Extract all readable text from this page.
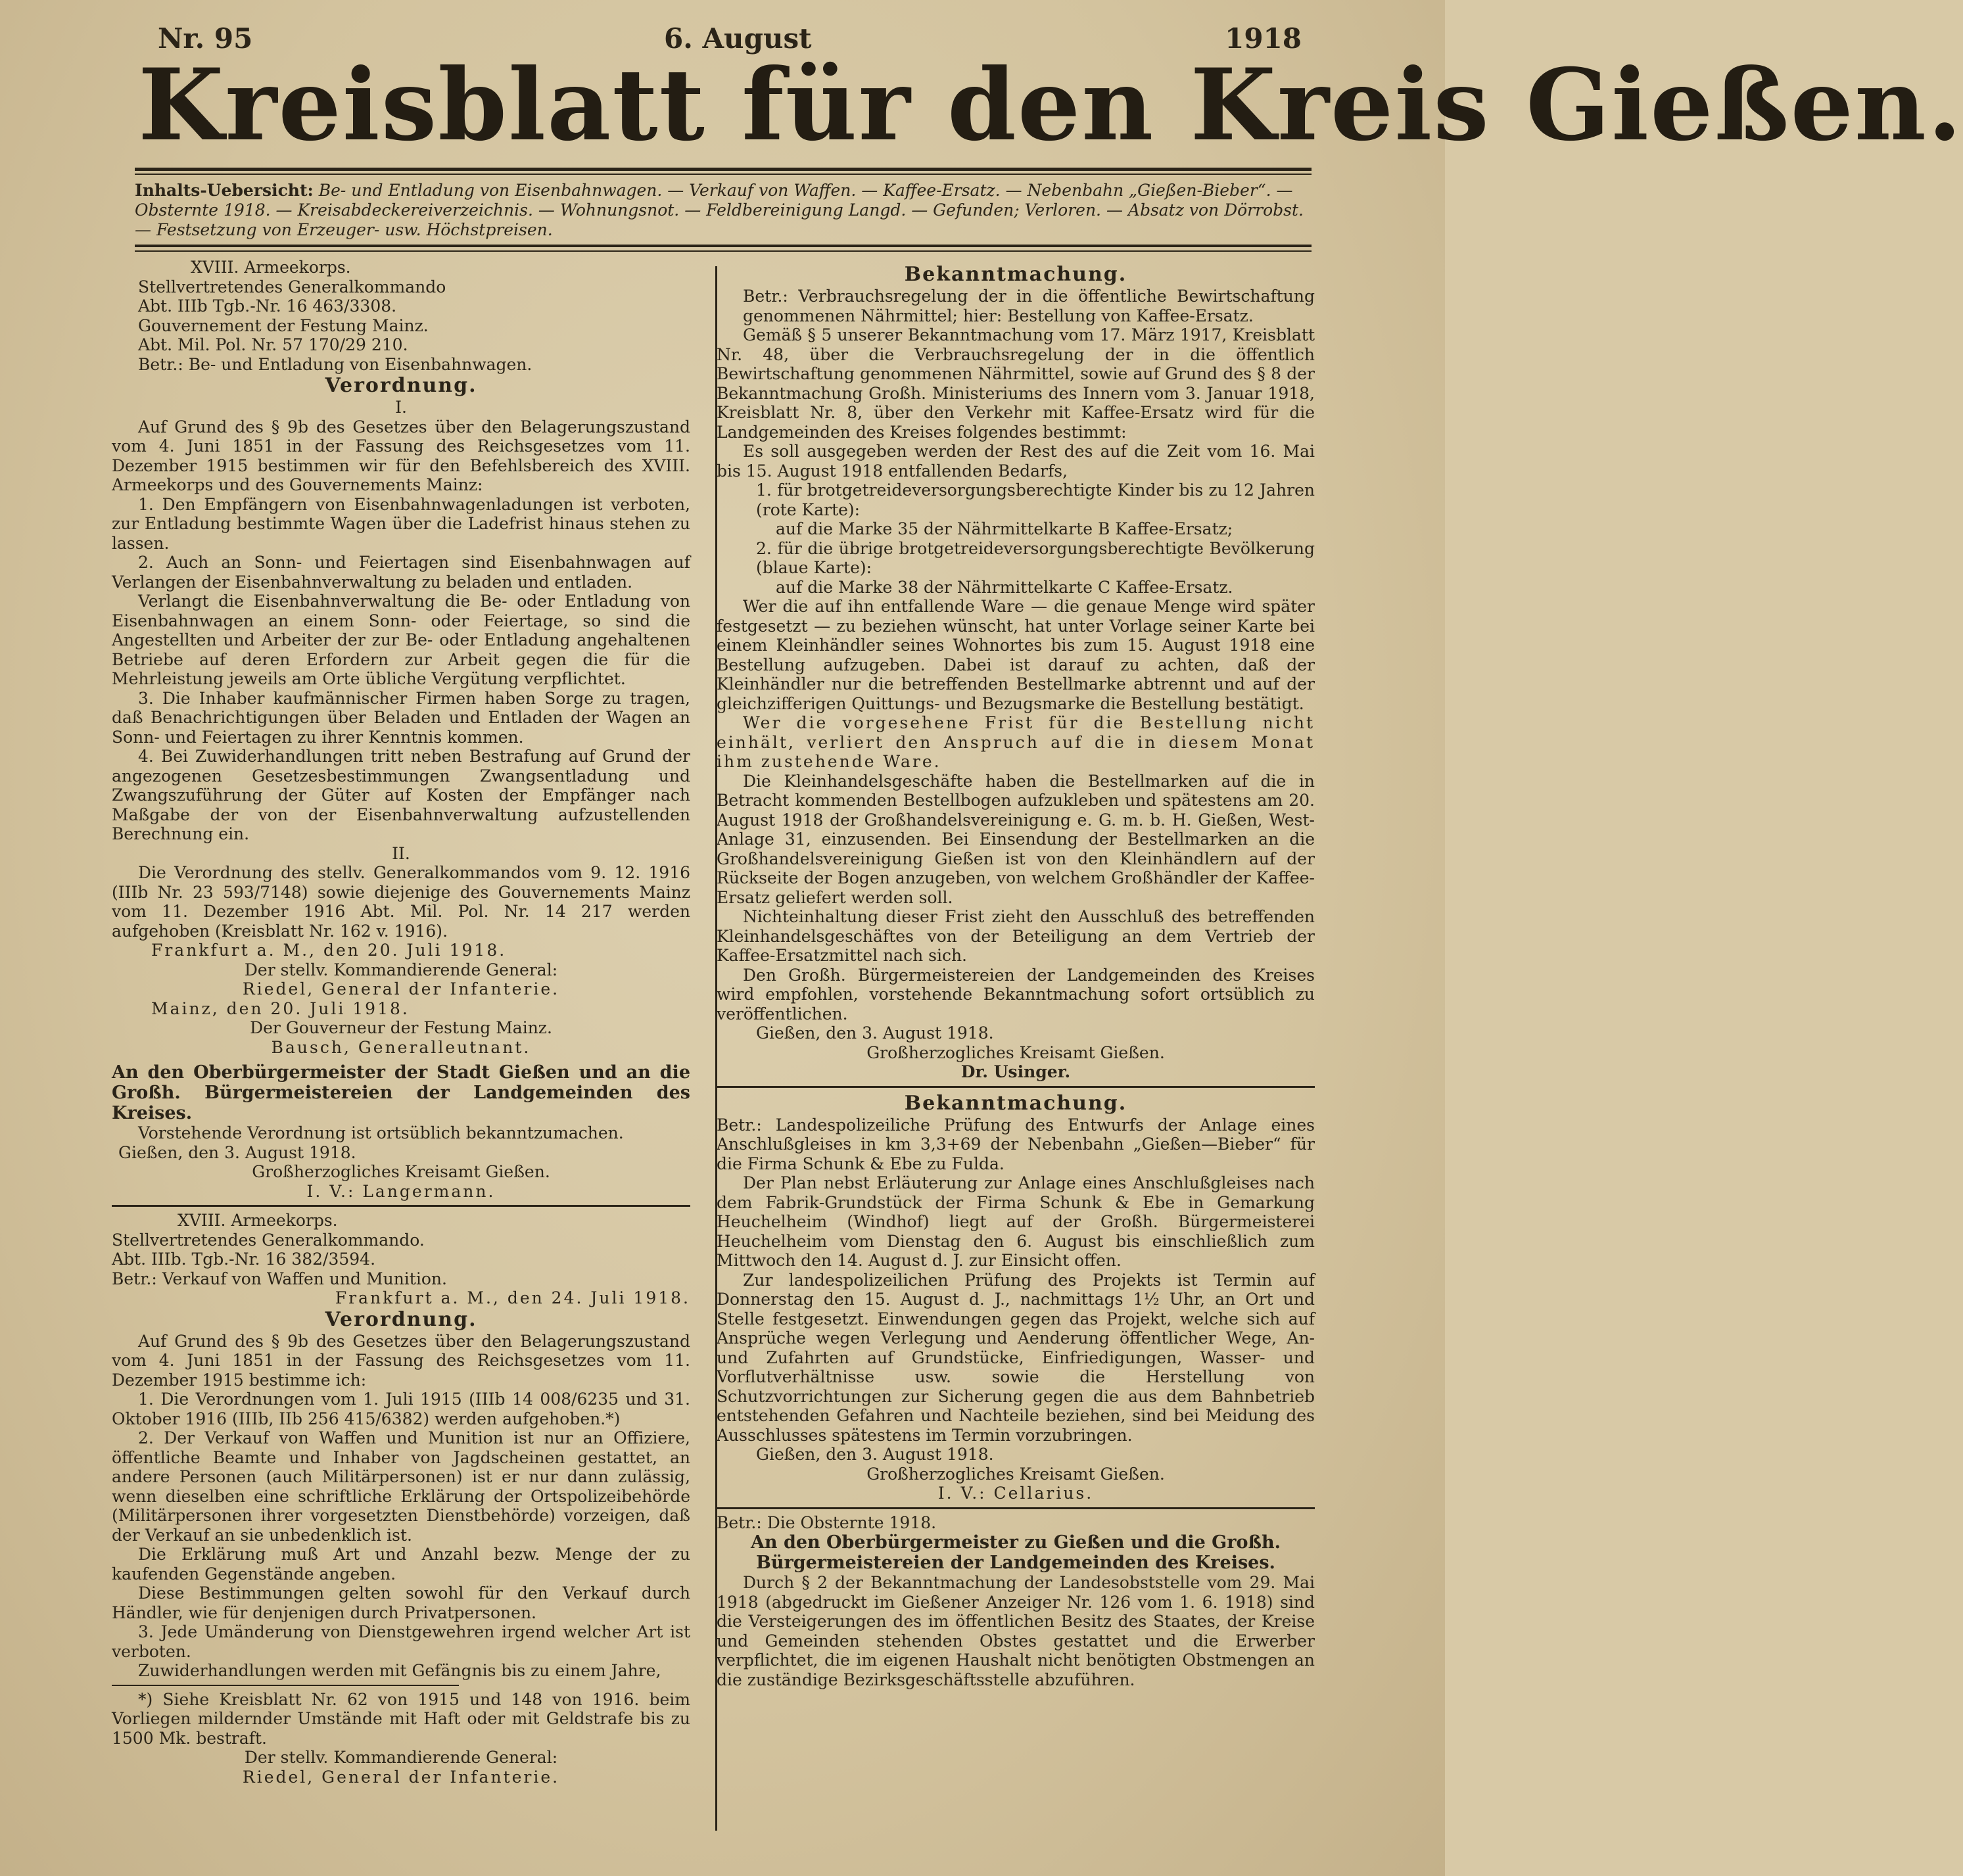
Nr. 95	6. August	1918
Kreisblatt für den Kreis Gießen.
Inhalts-Uebersicht: Be- und Entladung von Eisenbahnwagen. — Verkauf von Waffen. — Kaffee-Ersatz. — Nebenbahn „Gießen-Bieber“. — Obsternte 1918. — Kreisabdeckereiverzeichnis. — Wohnungsnot. — Feldbereinigung Langd. — Gefunden; Verloren. — Absatz von Dörrobst. — Festsetzung von Erzeuger- usw. Höchstpreisen.

XVIII. Armeekorps.

Stellvertretendes Generalkommando

Abt. IIIb Tgb.-Nr. 16 463/3308.

Gouvernement der Festung Mainz.

Abt. Mil. Pol. Nr. 57 170/29 210.

Betr.: Be- und Entladung von Eisenbahnwagen.

Verordnung.

I.

Auf Grund des § 9b des Gesetzes über den Belagerungszustand vom 4. Juni 1851 in der Fassung des Reichsgesetzes vom 11. Dezember 1915 bestimmen wir für den Befehlsbereich des XVIII. Armeekorps und des Gouvernements Mainz:

1. Den Empfängern von Eisenbahnwagenladungen ist verboten, zur Entladung bestimmte Wagen über die Ladefrist hinaus stehen zu lassen.

2. Auch an Sonn- und Feiertagen sind Eisenbahnwagen auf Verlangen der Eisenbahnverwaltung zu beladen und entladen.

Verlangt die Eisenbahnverwaltung die Be- oder Entladung von Eisenbahnwagen an einem Sonn- oder Feiertage, so sind die Angestellten und Arbeiter der zur Be- oder Entladung angehaltenen Betriebe auf deren Erfordern zur Arbeit gegen die für die Mehrleistung jeweils am Orte übliche Vergütung verpflichtet.

3. Die Inhaber kaufmännischer Firmen haben Sorge zu tragen, daß Benachrichtigungen über Beladen und Entladen der Wagen an Sonn- und Feiertagen zu ihrer Kenntnis kommen.

4. Bei Zuwiderhandlungen tritt neben Bestrafung auf Grund der angezogenen Gesetzesbestimmungen Zwangsentladung und Zwangszuführung der Güter auf Kosten der Empfänger nach Maßgabe der von der Eisenbahnverwaltung aufzustellenden Berechnung ein.

II.

Die Verordnung des stellv. Generalkommandos vom 9. 12. 1916 (IIIb Nr. 23 593/7148) sowie diejenige des Gouvernements Mainz vom 11. Dezember 1916 Abt. Mil. Pol. Nr. 14 217 werden aufgehoben (Kreisblatt Nr. 162 v. 1916).

Frankfurt a. M., den 20. Juli 1918.

Der stellv. Kommandierende General:

Riedel, General der Infanterie.

Mainz, den 20. Juli 1918.

Der Gouverneur der Festung Mainz.

Bausch, Generalleutnant.

An den Oberbürgermeister der Stadt Gießen und an die Großh. Bürgermeistereien der Landgemeinden des Kreises.

Vorstehende Verordnung ist ortsüblich bekanntzumachen.

Gießen, den 3. August 1918.

Großherzogliches Kreisamt Gießen.

I. V.: Langermann.

XVIII. Armeekorps.

Stellvertretendes Generalkommando.

Abt. IIIb. Tgb.-Nr. 16 382/3594.

Betr.: Verkauf von Waffen und Munition.

Frankfurt a. M., den 24. Juli 1918.

Verordnung.

Auf Grund des § 9b des Gesetzes über den Belagerungszustand vom 4. Juni 1851 in der Fassung des Reichsgesetzes vom 11. Dezember 1915 bestimme ich:

1. Die Verordnungen vom 1. Juli 1915 (IIIb 14 008/6235 und 31. Oktober 1916 (IIIb, IIb 256 415/6382) werden aufgehoben.*)

2. Der Verkauf von Waffen und Munition ist nur an Offiziere, öffentliche Beamte und Inhaber von Jagdscheinen gestattet, an andere Personen (auch Militärpersonen) ist er nur dann zulässig, wenn dieselben eine schriftliche Erklärung der Ortspolizeibehörde (Militärpersonen ihrer vorgesetzten Dienstbehörde) vorzeigen, daß der Verkauf an sie unbedenklich ist.

Die Erklärung muß Art und Anzahl bezw. Menge der zu kaufenden Gegenstände angeben.

Diese Bestimmungen gelten sowohl für den Verkauf durch Händler, wie für denjenigen durch Privatpersonen.

3. Jede Umänderung von Dienstgewehren irgend welcher Art ist verboten.

Zuwiderhandlungen werden mit Gefängnis bis zu einem Jahre,

*) Siehe Kreisblatt Nr. 62 von 1915 und 148 von 1916. beim Vorliegen mildernder Umstände mit Haft oder mit Geldstrafe bis zu 1500 Mk. bestraft.

Der stellv. Kommandierende General:

Riedel, General der Infanterie.

Bekanntmachung.

Betr.: Verbrauchsregelung der in die öffentliche Bewirtschaftung genommenen Nährmittel; hier: Bestellung von Kaffee-Ersatz.

Gemäß § 5 unserer Bekanntmachung vom 17. März 1917, Kreisblatt Nr. 48, über die Verbrauchsregelung der in die öffentlich Bewirtschaftung genommenen Nährmittel, sowie auf Grund des § 8 der Bekanntmachung Großh. Ministeriums des Innern vom 3. Januar 1918, Kreisblatt Nr. 8, über den Verkehr mit Kaffee-Ersatz wird für die Landgemeinden des Kreises folgendes bestimmt:

Es soll ausgegeben werden der Rest des auf die Zeit vom 16. Mai bis 15. August 1918 entfallenden Bedarfs,

1. für brotgetreideversorgungsberechtigte Kinder bis zu 12 Jahren (rote Karte):

auf die Marke 35 der Nährmittelkarte B Kaffee-Ersatz;

2. für die übrige brotgetreideversorgungsberechtigte Bevölkerung (blaue Karte):

auf die Marke 38 der Nährmittelkarte C Kaffee-Ersatz.

Wer die auf ihn entfallende Ware — die genaue Menge wird später festgesetzt — zu beziehen wünscht, hat unter Vorlage seiner Karte bei einem Kleinhändler seines Wohnortes bis zum 15. August 1918 eine Bestellung aufzugeben. Dabei ist darauf zu achten, daß der Kleinhändler nur die betreffenden Bestellmarke abtrennt und auf der gleichzifferigen Quittungs- und Bezugsmarke die Bestellung bestätigt.

Wer die vorgesehene Frist für die Bestellung nicht einhält, verliert den Anspruch auf die in diesem Monat ihm zustehende Ware.

Die Kleinhandelsgeschäfte haben die Bestellmarken auf die in Betracht kommenden Bestellbogen aufzukleben und spätestens am 20. August 1918 der Großhandelsvereinigung e. G. m. b. H. Gießen, West-Anlage 31, einzusenden. Bei Einsendung der Bestellmarken an die Großhandelsvereinigung Gießen ist von den Kleinhändlern auf der Rückseite der Bogen anzugeben, von welchem Großhändler der Kaffee-Ersatz geliefert werden soll.

Nichteinhaltung dieser Frist zieht den Ausschluß des betreffenden Kleinhandelsgeschäftes von der Beteiligung an dem Vertrieb der Kaffee-Ersatzmittel nach sich.

Den Großh. Bürgermeistereien der Landgemeinden des Kreises wird empfohlen, vorstehende Bekanntmachung sofort ortsüblich zu veröffentlichen.

Gießen, den 3. August 1918.

Großherzogliches Kreisamt Gießen.

Dr. Usinger.

Bekanntmachung.

Betr.: Landespolizeiliche Prüfung des Entwurfs der Anlage eines Anschlußgleises in km 3,3+69 der Nebenbahn „Gießen—Bieber“ für die Firma Schunk & Ebe zu Fulda.

Der Plan nebst Erläuterung zur Anlage eines Anschlußgleises nach dem Fabrik-Grundstück der Firma Schunk & Ebe in Gemarkung Heuchelheim (Windhof) liegt auf der Großh. Bürgermeisterei Heuchelheim vom Dienstag den 6. August bis einschließlich zum Mittwoch den 14. August d. J. zur Einsicht offen.

Zur landespolizeilichen Prüfung des Projekts ist Termin auf Donnerstag den 15. August d. J., nachmittags 1½ Uhr, an Ort und Stelle festgesetzt. Einwendungen gegen das Projekt, welche sich auf Ansprüche wegen Verlegung und Aenderung öffentlicher Wege, An- und Zufahrten auf Grundstücke, Einfriedigungen, Wasser- und Vorflutverhältnisse usw. sowie die Herstellung von Schutzvorrichtungen zur Sicherung gegen die aus dem Bahnbetrieb entstehenden Gefahren und Nachteile beziehen, sind bei Meidung des Ausschlusses spätestens im Termin vorzubringen.

Gießen, den 3. August 1918.

Großherzogliches Kreisamt Gießen.

I. V.: Cellarius.

Betr.: Die Obsternte 1918.

An den Oberbürgermeister zu Gießen und die Großh. Bürgermeistereien der Landgemeinden des Kreises.

Durch § 2 der Bekanntmachung der Landesobststelle vom 29. Mai 1918 (abgedruckt im Gießener Anzeiger Nr. 126 vom 1. 6. 1918) sind die Versteigerungen des im öffentlichen Besitz des Staates, der Kreise und Gemeinden stehenden Obstes gestattet und die Erwerber verpflichtet, die im eigenen Haushalt nicht benötigten Obstmengen an die zuständige Bezirksgeschäftsstelle abzuführen.
